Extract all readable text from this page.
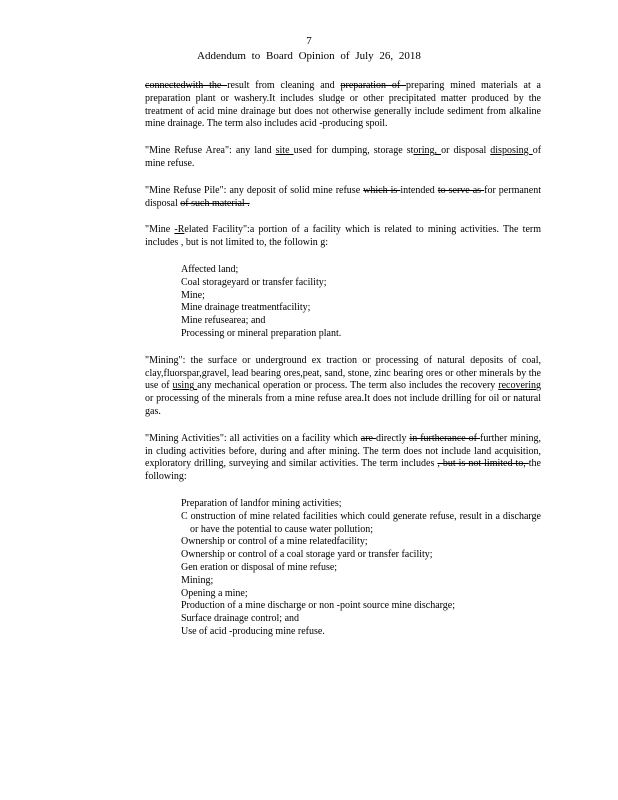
7
Addendum to Board Opinion of July 26, 2018

connectedwith the result from cleaning and preparation of preparing mined materials at a preparation plant or washery.It includes sludge or other precipitated matter produced by the treatment of acid mine drainage but does not otherwise generally include sediment from alkaline mine drainage. The term also includes acid -producing spoil.

"Mine Refuse Area": any land site used for dumping, storage storing, or disposal disposing of mine refuse.

"Mine Refuse Pile": any deposit of solid mine refuse which is intended to serve as for permanent disposal of such material .

"Mine -Related Facility":a portion of a facility which is related to mining activities. The term includes , but is not limited to, the followin g:

Affected land;
Coal storageyard or transfer facility;
Mine;
Mine drainage treatmentfacility;
Mine refusearea; and
Processing or mineral preparation plant.

"Mining": the surface or underground ex traction or processing of natural deposits of coal, clay,fluorspar,gravel, lead bearing ores,peat, sand, stone, zinc bearing ores or other minerals by the use of using any mechanical operation or process. The term also includes the recovery recovering or processing of the minerals from a mine refuse area.It does not include drilling for oil or natural gas.

"Mining Activities": all activities on a facility which are directly in furtherance of further mining, in cluding activities before, during and after mining. The term does not include land acquisition, exploratory drilling, surveying and similar activities. The term includes , but is not limited to, the following:

Preparation of landfor mining activities;
C onstruction of mine related facilities which could generate refuse, result in a discharge or have the potential to cause water pollution;
Ownership or control of a mine relatedfacility;
Ownership or control of a coal storage yard or transfer facility;
Gen eration or disposal of mine refuse;
Mining;
Opening a mine;
Production of a mine discharge or non -point source mine discharge;
Surface drainage control; and
Use of acid -producing mine refuse.
